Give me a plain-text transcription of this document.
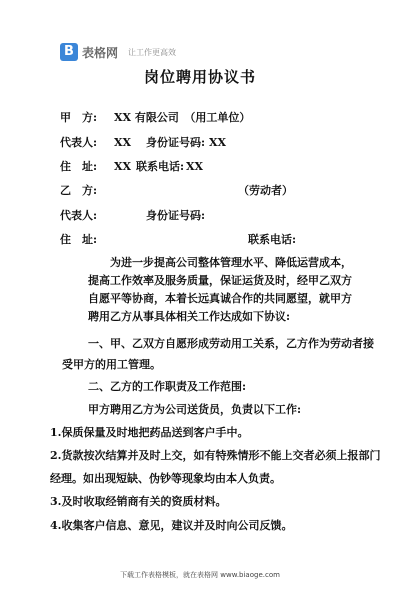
B 表格网 让工作更高效
岗位聘用协议书
甲　方: XX 有限公司　（用工单位）
代表人: XX 身份证号码: XX
住　址: XX 联系电话: XX
乙　方:	（劳动者）
代表人:	身份证号码:
住　址:	联系电话:
为进一步提高公司整体管理水平、降低运营成本，提高工作效率及服务质量，保证运货及时，经甲乙双方自愿平等协商，本着长远真诚合作的共同愿望，就甲方聘用乙方从事具体相关工作达成如下协议:
一、甲、乙双方自愿形成劳动用工关系，乙方作为劳动者接
受甲方的用工管理。
二、乙方的工作职责及工作范围:
甲方聘用乙方为公司送货员，负责以下工作:
1.保质保量及时地把药品送到客户手中。
2.货款按次结算并及时上交，如有特殊情形不能上交者必须上报部门
经理。如出现短缺、伪钞等现象均由本人负责。
3.及时收取经销商有关的资质材料。
4.收集客户信息、意见，建议并及时向公司反馈。
下载工作表格模板，就在表格网 www.biaoge.com
